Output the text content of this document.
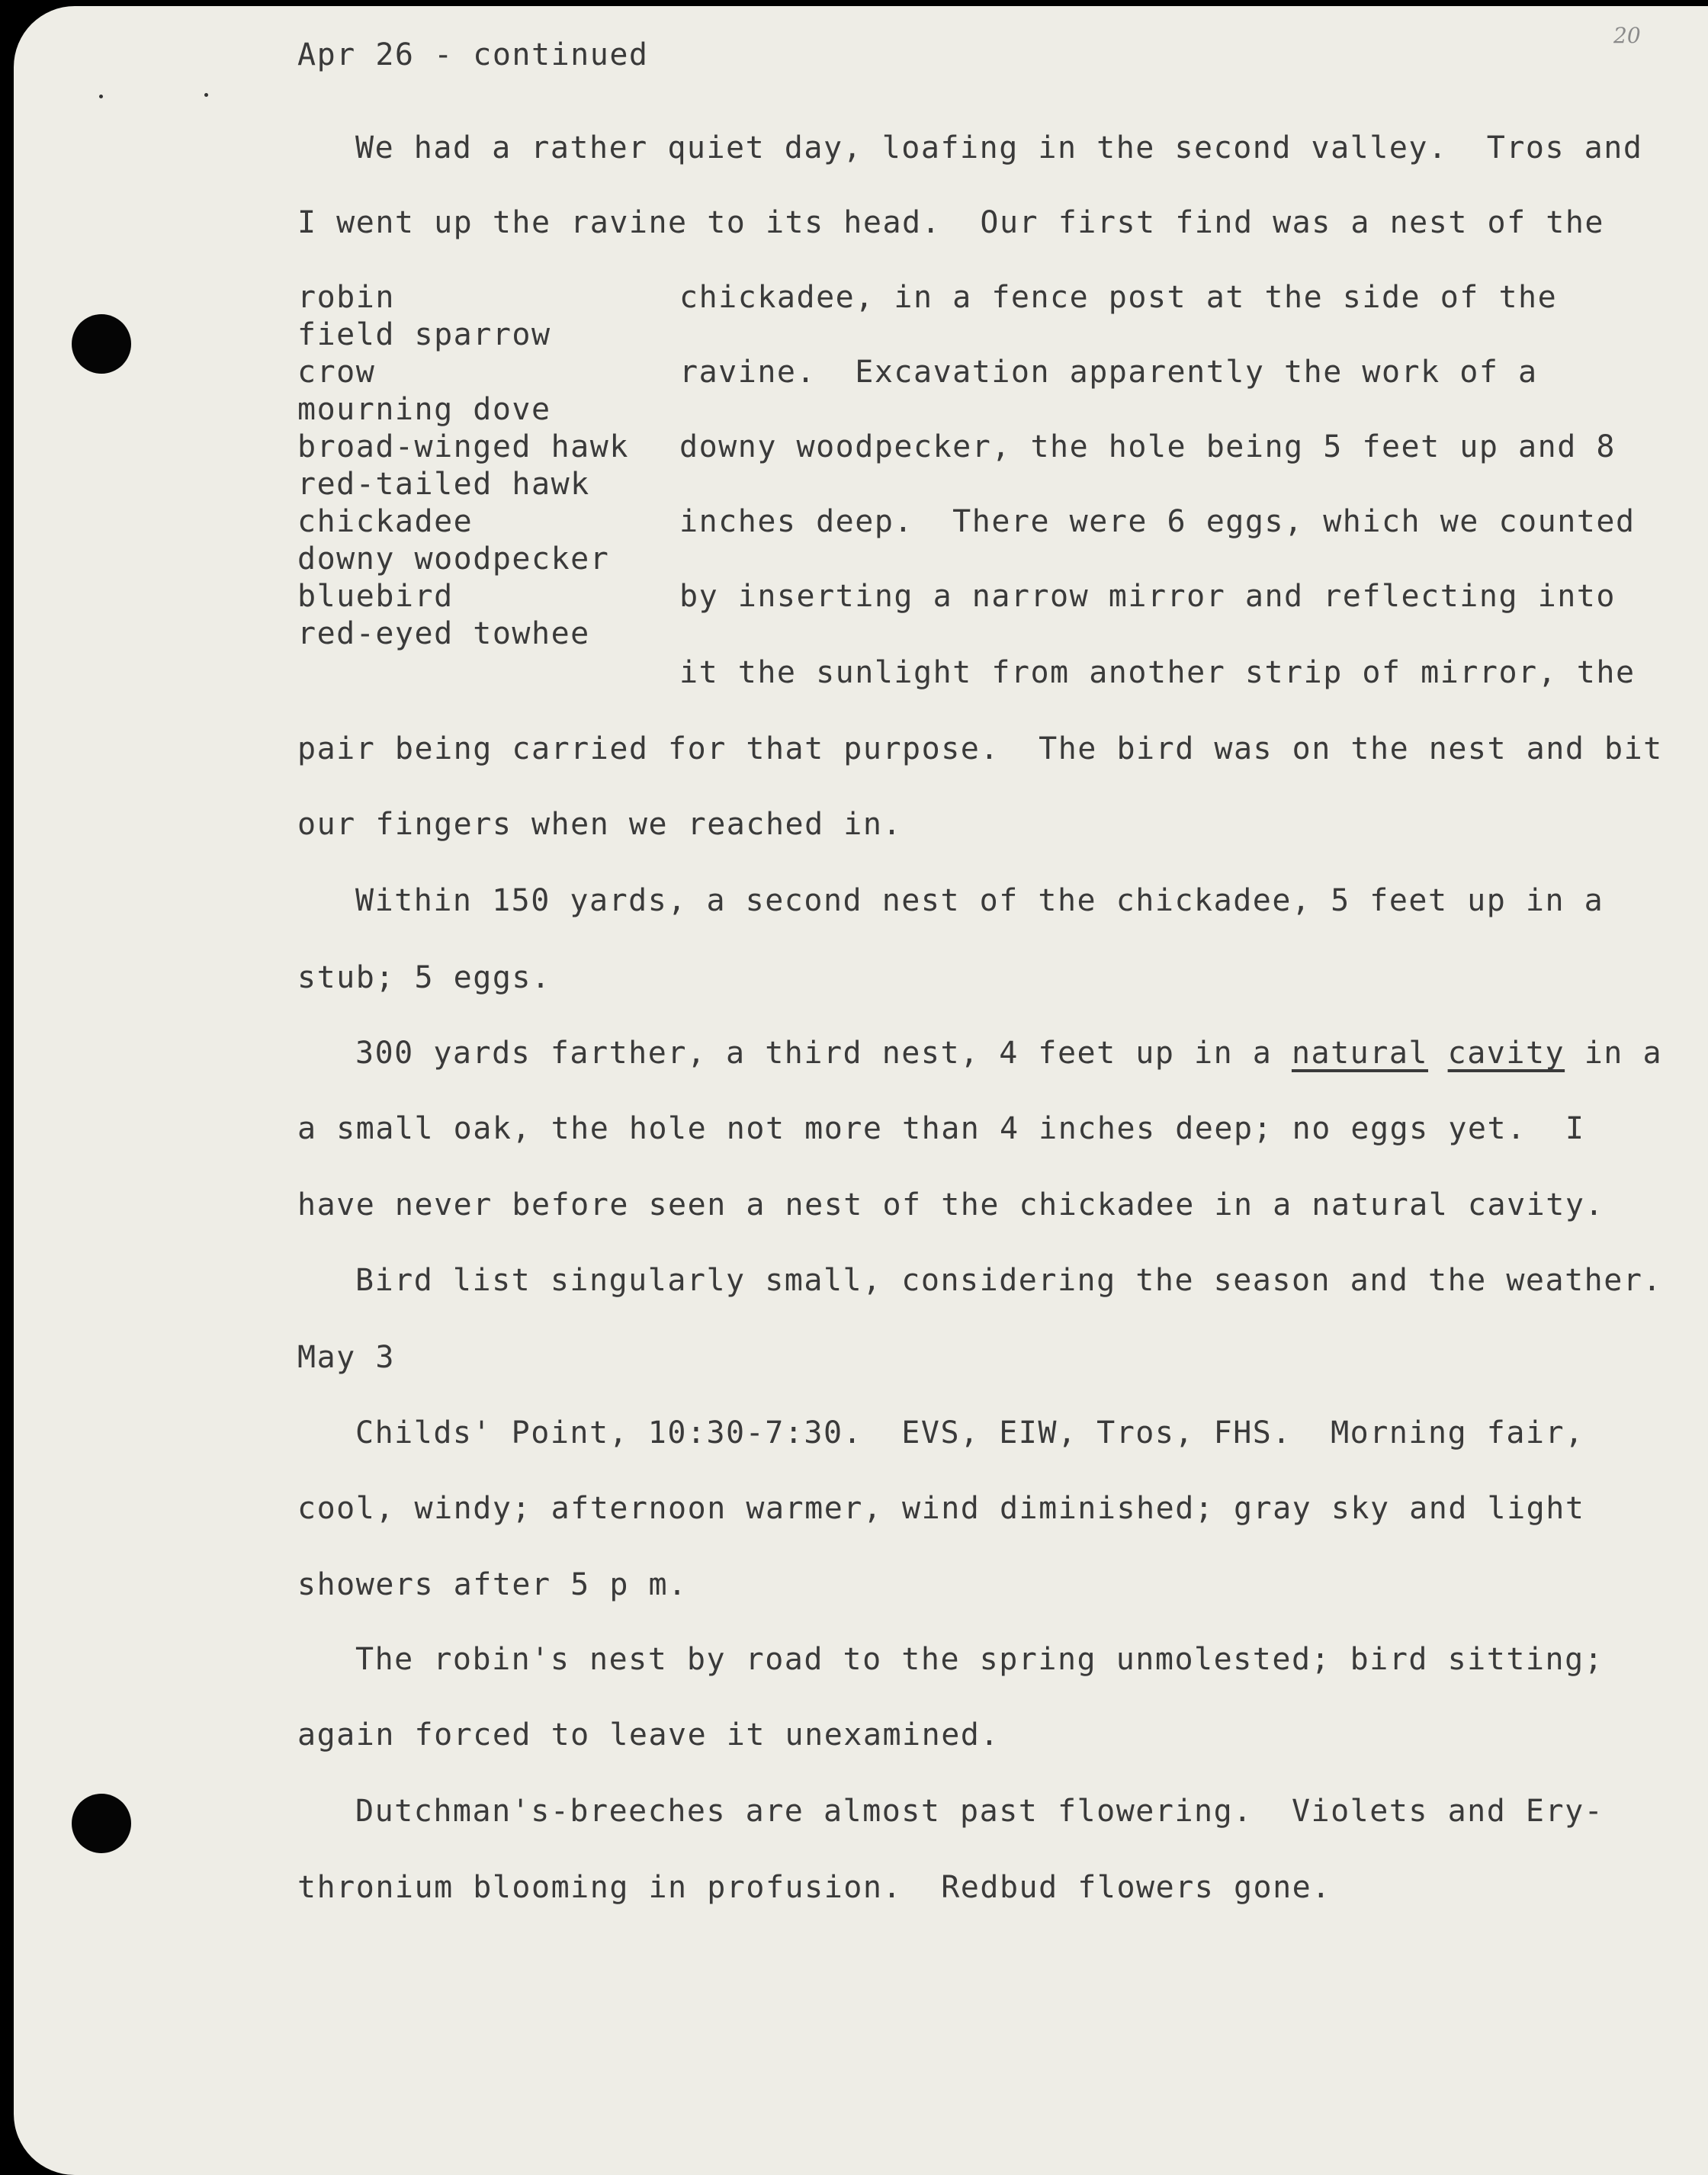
20
Apr 26 - continued
We had a rather quiet day, loafing in the second valley.  Tros and
I went up the ravine to its head.  Our first find was a nest of the
robin
field sparrow
crow
mourning dove
broad-winged hawk
red-tailed hawk
chickadee
downy woodpecker
bluebird
red-eyed towhee
chickadee, in a fence post at the side of the
ravine.  Excavation apparently the work of a
downy woodpecker, the hole being 5 feet up and 8
inches deep.  There were 6 eggs, which we counted
by inserting a narrow mirror and reflecting into
it the sunlight from another strip of mirror, the
pair being carried for that purpose.  The bird was on the nest and bit
our fingers when we reached in.
Within 150 yards, a second nest of the chickadee, 5 feet up in a
stub; 5 eggs.
300 yards farther, a third nest, 4 feet up in a natural cavity in a
a small oak, the hole not more than 4 inches deep; no eggs yet.  I
have never before seen a nest of the chickadee in a natural cavity.
Bird list singularly small, considering the season and the weather.
May 3
Childs' Point, 10:30-7:30.  EVS, EIW, Tros, FHS.  Morning fair,
cool, windy; afternoon warmer, wind diminished; gray sky and light
showers after 5 p m.
The robin's nest by road to the spring unmolested; bird sitting;
again forced to leave it unexamined.
Dutchman's-breeches are almost past flowering.  Violets and Ery-
thronium blooming in profusion.  Redbud flowers gone.
